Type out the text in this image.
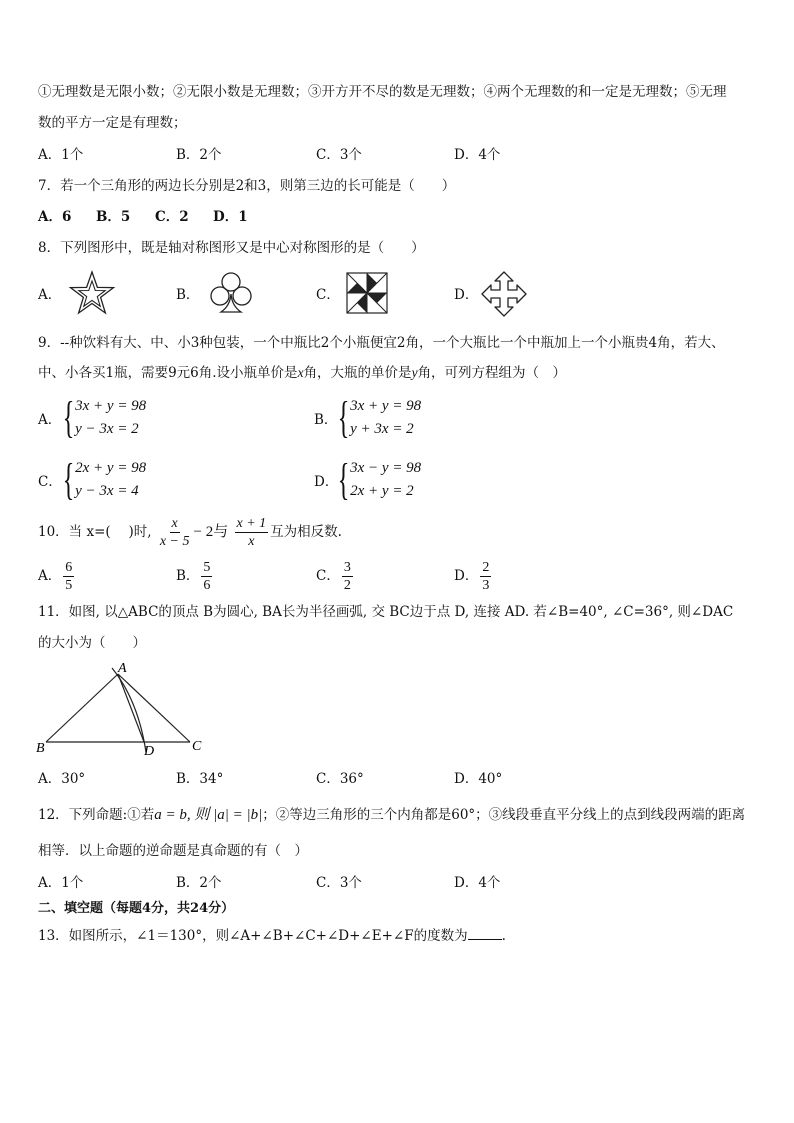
①无理数是无限小数；②无限小数是无理数；③开方开不尽的数是无理数；④两个无理数的和一定是无理数；⑤无理
数的平方一定是有理数；
A．1个	B．2个	C．3个	D．4个
7．若一个三角形的两边长分别是2和3，则第三边的长可能是（　　）
A．6 B．5 C．2 D．1
8．下列图形中，既是轴对称图形又是中心对称图形的是（　　）
A．	B．	C．	D．
9．--种饮料有大、中、小3种包装，一个中瓶比2个小瓶便宜2角，一个大瓶比一个中瓶加上一个小瓶贵4角，若大、
中、小各买1瓶，需要9元6角.设小瓶单价是x角，大瓶的单价是y角，可列方程组为（　）
A． { 3x + y = 98
y − 3x = 2
B． { 3x + y = 98
y + 3x = 2
C． { 2x + y = 98
y − 3x = 4
D． { 3x − y = 98
2x + y = 2
10．当 x=(　 )时, $\frac{x}{x - 5} - 2$与 $\frac{x + 1}{x}$ 互为相反数.
A． $\frac{6}{5}$	B． $\frac{5}{6}$	C． $\frac{3}{2}$	D． $\frac{2}{3}$
11．如图, 以△ABC的顶点 B为圆心, BA长为半径画弧, 交 BC边于点 D, 连接 AD. 若∠B=40°, ∠C=36°, 则∠DAC
的大小为（　　）
A
B	C
D
A．30°	B．34°	C．36°	D．40°
12．下列命题:①若a = b, 则 |a| = |b|；②等边三角形的三个内角都是60°；③线段垂直平分线上的点到线段两端的距离
相等．以上命题的逆命题是真命题的有（　）
A．1个	B．2个	C．3个	D．4个
二、填空题（每题4分，共24分）
13．如图所示，∠1＝130°，则∠A+∠B+∠C+∠D+∠E+∠F的度数为	.
